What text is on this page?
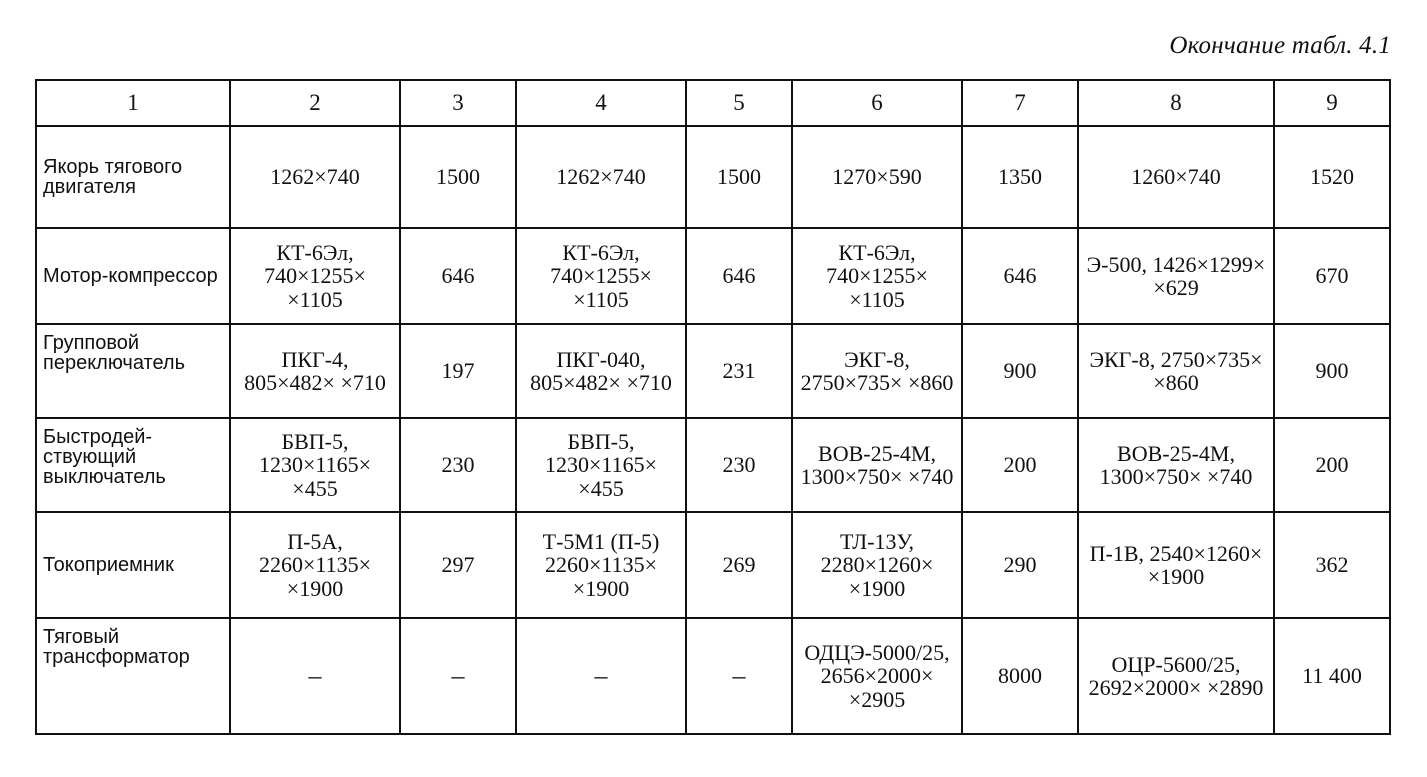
Окончание табл. 4.1
1	2	3	4	5	6	7	8	9
Якорь тягового двигателя	1262×740	1500	1262×740	1500	1270×590	1350	1260×740	1520
Мотор-компрессор	КТ-6Эл, 740×1255× ×1105	646	КТ-6Эл, 740×1255× ×1105	646	КТ-6Эл, 740×1255× ×1105	646	Э-500, 1426×1299× ×629	670
Групповой переключатель	ПКГ-4, 805×482× ×710	197	ПКГ-040, 805×482× ×710	231	ЭКГ-8, 2750×735× ×860	900	ЭКГ-8, 2750×735× ×860	900
Быстродей-ствующий выключатель	БВП-5, 1230×1165× ×455	230	БВП-5, 1230×1165× ×455	230	ВОВ-25-4М, 1300×750× ×740	200	ВОВ-25-4М, 1300×750× ×740	200
Токоприемник	П-5А, 2260×1135× ×1900	297	Т-5М1 (П-5) 2260×1135× ×1900	269	ТЛ-13У, 2280×1260× ×1900	290	П-1В, 2540×1260× ×1900	362
Тяговый трансформатор	–	–	–	–	ОДЦЭ-5000/25, 2656×2000× ×2905	8000	ОЦР-5600/25, 2692×2000× ×2890	11 400
